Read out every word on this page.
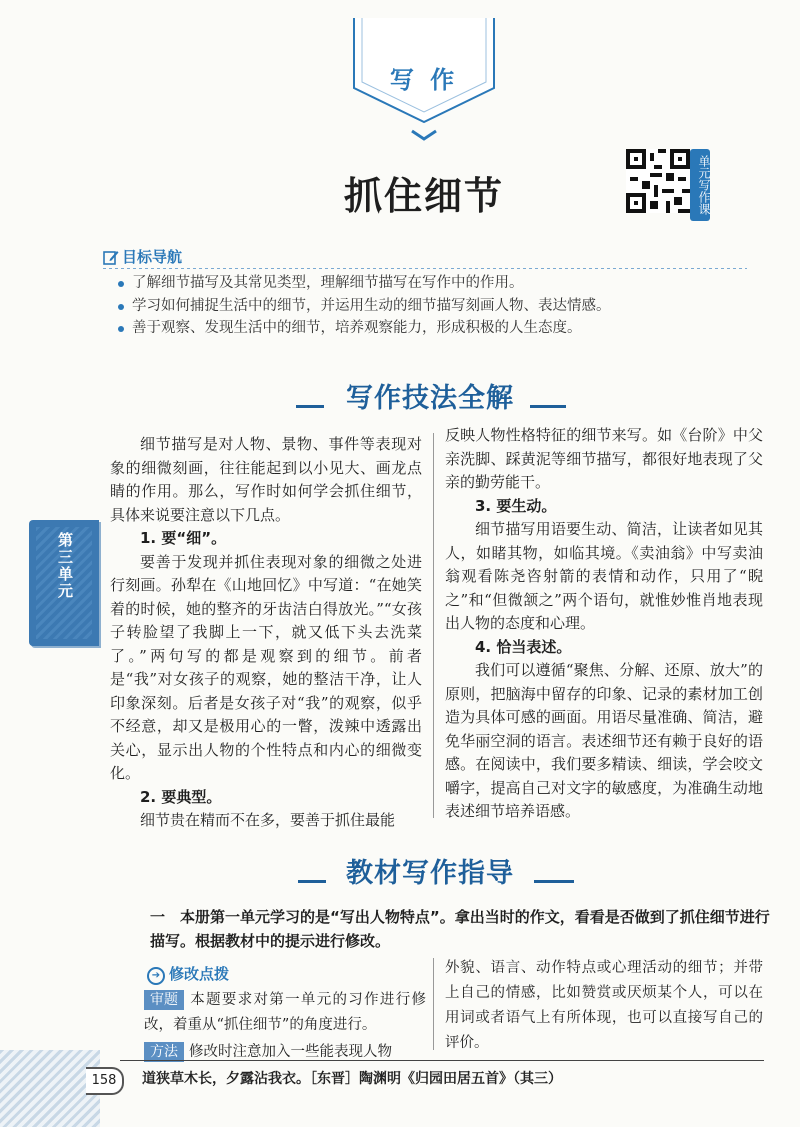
写 作
抓住细节	单元写作课
目标导航
了解细节描写及其常见类型，理解细节描写在写作中的作用。
学习如何捕捉生活中的细节，并运用生动的细节描写刻画人物、表达情感。
善于观察、发现生活中的细节，培养观察能力，形成积极的人生态度。
写作技法全解

细节描写是对人物、景物、事件等表现对象的细微刻画，往往能起到以小见大、画龙点睛的作用。那么，写作时如何学会抓住细节，具体来说要注意以下几点。

1. 要“细”。

要善于发现并抓住表现对象的细微之处进行刻画。孙犁在《山地回忆》中写道：“在她笑着的时候，她的整齐的牙齿洁白得放光。”“女孩子转脸望了我脚上一下，就又低下头去洗菜了。”两句写的都是观察到的细节。前者是“我”对女孩子的观察，她的整洁干净，让人印象深刻。后者是女孩子对“我”的观察，似乎不经意，却又是极用心的一瞥，泼辣中透露出关心，显示出人物的个性特点和内心的细微变化。

2. 要典型。

细节贵在精而不在多，要善于抓住最能

反映人物性格特征的细节来写。如《台阶》中父亲洗脚、踩黄泥等细节描写，都很好地表现了父亲的勤劳能干。

3. 要生动。

细节描写用语要生动、简洁，让读者如见其人，如睹其物，如临其境。《卖油翁》中写卖油翁观看陈尧咨射箭的表情和动作，只用了“睨之”和“但微颔之”两个语句，就惟妙惟肖地表现出人物的态度和心理。

4. 恰当表述。

我们可以遵循“聚焦、分解、还原、放大”的原则，把脑海中留存的印象、记录的素材加工创造为具体可感的画面。用语尽量准确、简洁，避免华丽空洞的语言。表述细节还有赖于良好的语感。在阅读中，我们要多精读、细读，学会咬文嚼字，提高自己对文字的敏感度，为准确生动地表述细节培养语感。

第三单元
教材写作指导
一　本册第一单元学习的是“写出人物特点”。拿出当时的作文，看看是否做到了抓住细节进行描写。根据教材中的提示进行修改。
➔ 修改点拨
审题 本题要求对第一单元的习作进行修改，着重从“抓住细节”的角度进行。
方法 修改时注意加入一些能表现人物

外貌、语言、动作特点或心理活动的细节；并带上自己的情感，比如赞赏或厌烦某个人，可以在用词或者语气上有所体现，也可以直接写自己的评价。

158	道狭草木长，夕露沾我衣。［东晋］陶渊明《归园田居五首》（其三）
